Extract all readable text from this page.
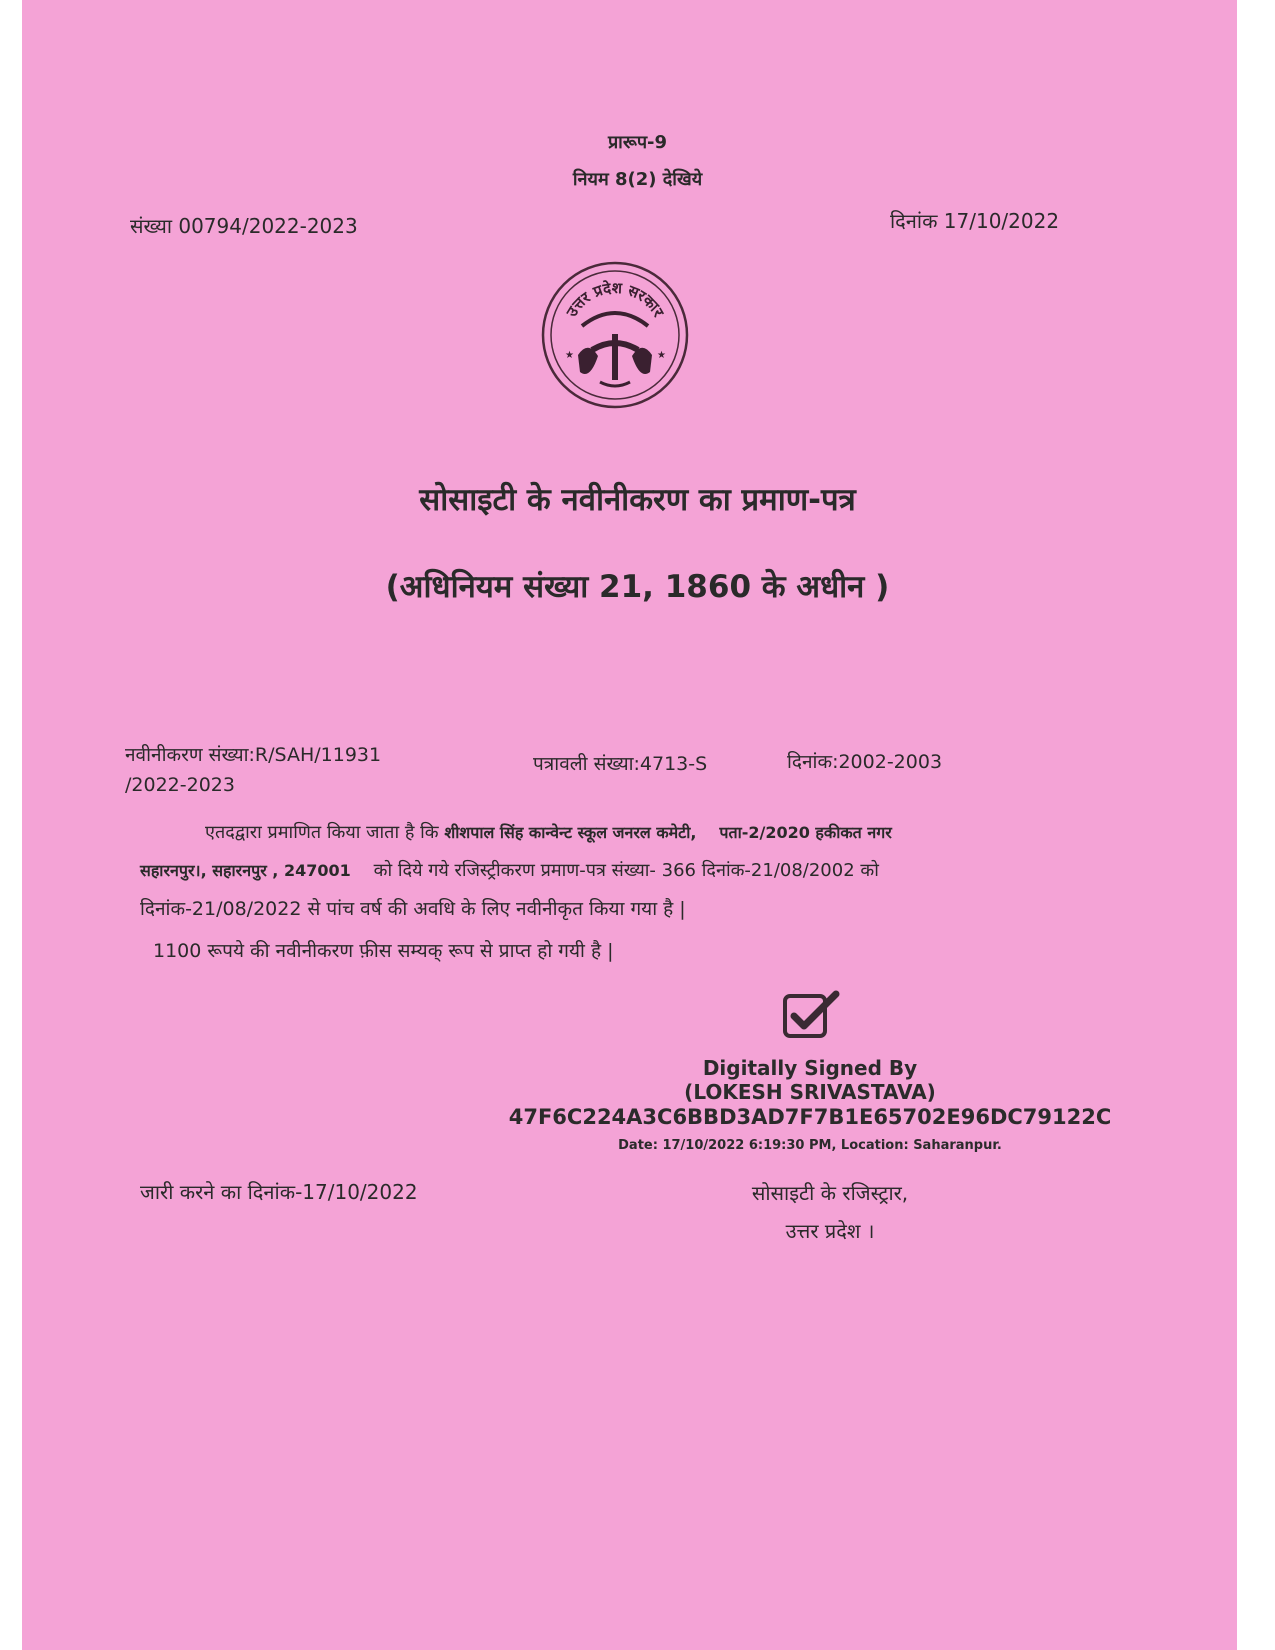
प्रारूप-9
नियम 8(2) देखिये
संख्या 00794/2022-2023	दिनांक 17/10/2022
उत्तर प्रदेश सरकार
★	★
सोसाइटी के नवीनीकरण का प्रमाण-पत्र
(अधिनियम संख्या 21, 1860 के अधीन )
नवीनीकरण संख्या:R/SAH/11931
/2022-2023
पत्रावली संख्या:4713-S	दिनांक:2002-2003
एतदद्वारा प्रमाणित किया जाता है कि शीशपाल सिंह कान्वेन्ट स्कूल जनरल कमेटी, पता-2/2020 हकीकत नगर
सहारनपुर।, सहारनपुर , 247001 को दिये गये रजिस्ट्रीकरण प्रमाण-पत्र संख्या- 366 दिनांक-21/08/2002 को
दिनांक-21/08/2022 से पांच वर्ष की अवधि के लिए नवीनीकृत किया गया है |
1100 रूपये की नवीनीकरण फ़ीस सम्यक् रूप से प्राप्त हो गयी है |
Digitally Signed By
(LOKESH SRIVASTAVA)
47F6C224A3C6BBD3AD7F7B1E65702E96DC79122C
Date: 17/10/2022 6:19:30 PM, Location: Saharanpur.
जारी करने का दिनांक-17/10/2022	सोसाइटी के रजिस्ट्रार,
उत्तर प्रदेश ।
